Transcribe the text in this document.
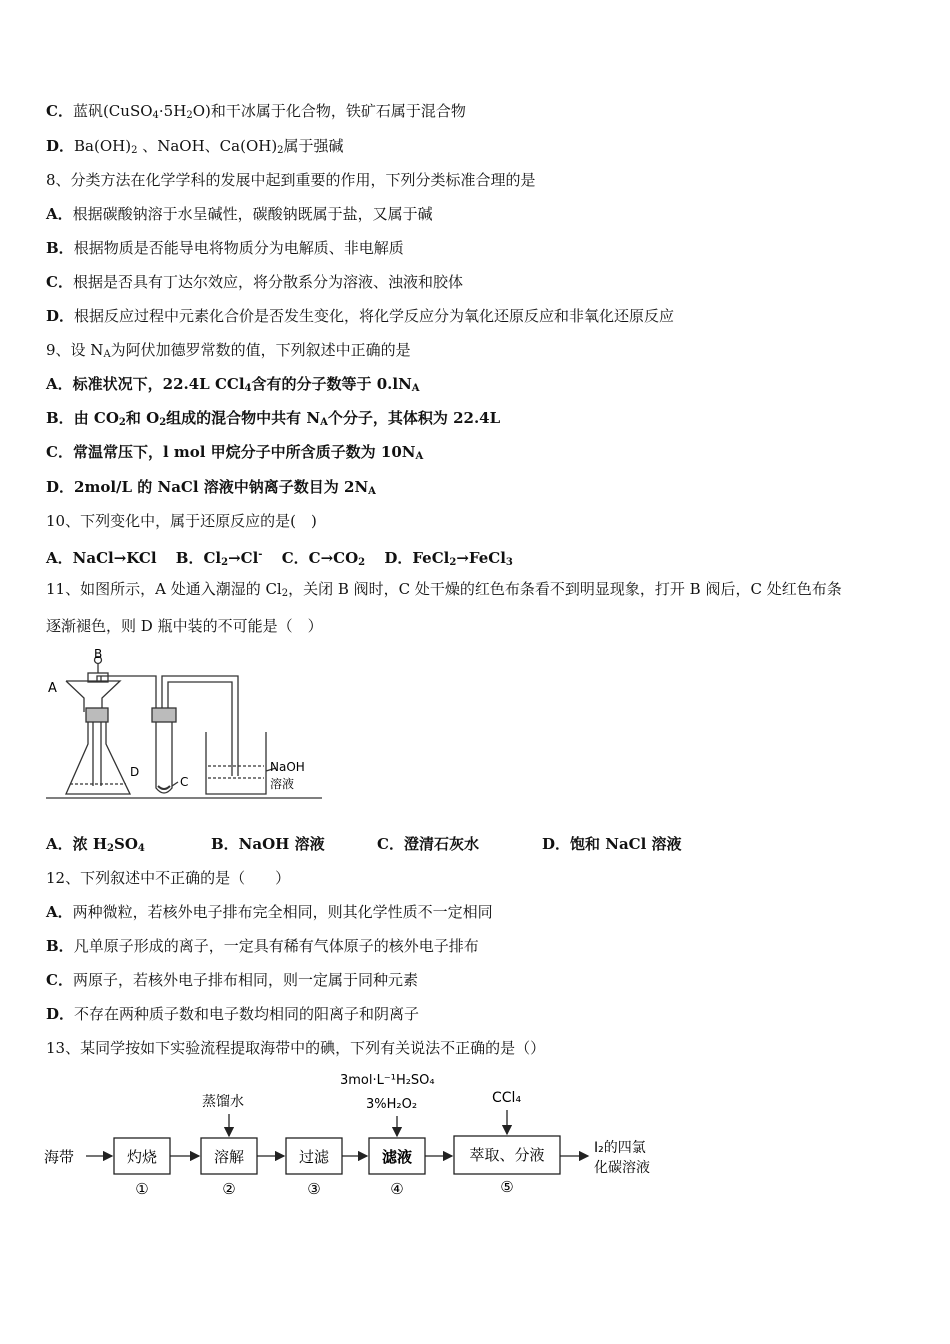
C．蓝矾$(CuSO_4\cdot 5H_2O)$和干冰属于化合物，铁矿石属于混合物
D．$Ba(OH)_2$ 、NaOH、$Ca(OH)_2$属于强碱
8、分类方法在化学学科的发展中起到重要的作用，下列分类标准合理的是
A．根据碳酸钠溶于水呈碱性，碳酸钠既属于盐，又属于碱
B．根据物质是否能导电将物质分为电解质、非电解质
C．根据是否具有丁达尔效应，将分散系分为溶液、浊液和胶体
D．根据反应过程中元素化合价是否发生变化，将化学反应分为氧化还原反应和非氧化还原反应
9、设 $N_A$为阿伏加德罗常数的值，下列叙述中正确的是
A．标准状况下，22.4L CCl$_4$含有的分子数等于 $0.lN_A$
B．由 $CO_2$和 $O_2$组成的混合物中共有 $N_A$个分子，其体积为 22.4L
C．常温常压下，l mol 甲烷分子中所含质子数为 $10N_A$
D．2mol/L 的 NaCl 溶液中钠离子数目为 $2N_A$
10、下列变化中，属于还原反应的是(　)
A．NaCl→KCl B．$Cl_2\to Cl^-$ C．$C\to CO_2$ D．FeCl$_2$→FeCl$_3$
11、如图所示，A 处通入潮湿的 $Cl_2$，关闭 B 阀时，C 处干燥的红色布条看不到明显现象，打开 B 阀后，C 处红色布条
逐渐褪色，则 D 瓶中装的不可能是（　）
A
B
C
D	NaOH
溶液
A．浓 $H_2SO_4$	B．NaOH 溶液	C．澄清石灰水	D．饱和 NaCl 溶液
12、下列叙述中不正确的是（　　）
A．两种微粒，若核外电子排布完全相同，则其化学性质不一定相同
B．凡单原子形成的离子，一定具有稀有气体原子的核外电子排布
C．两原子，若核外电子排布相同，则一定属于同种元素
D．不存在两种质子数和电子数均相同的阳离子和阴离子
13、某同学按如下实验流程提取海带中的碘，下列有关说法不正确的是（）
海带
蒸馏水
3mol·L⁻¹H₂SO₄
3%H₂O₂	CCl₄
灼烧	溶解	过滤	滤液	萃取、分液
①	②	③	④	⑤
I₂的四氯
化碳溶液
